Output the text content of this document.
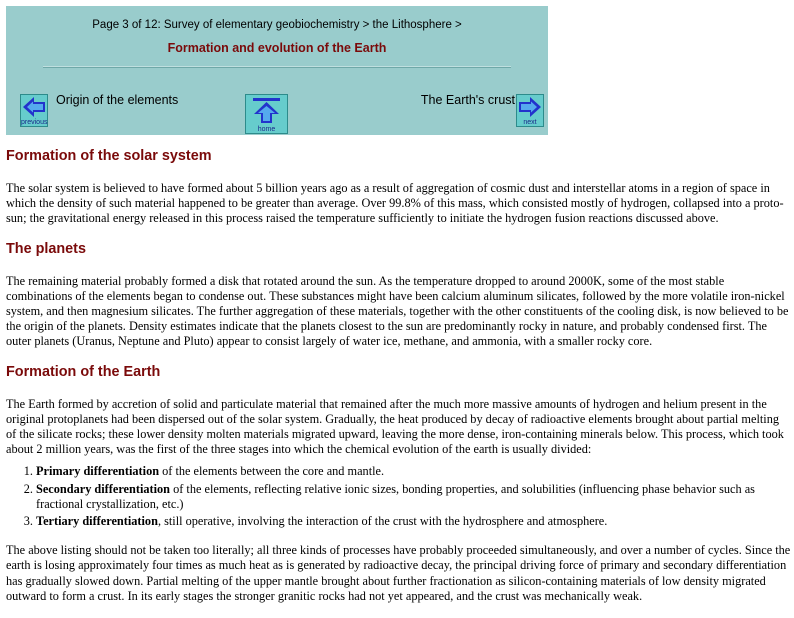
Page 3 of 12: Survey of elementary geobiochemistry > the Lithosphere >
Formation and evolution of the Earth
previous
Origin of the elements
home
The Earth's crust
next
Formation of the solar system

The solar system is believed to have formed about 5 billion years ago as a result of aggregation of cosmic dust and interstellar atoms in a region of space in which the density of such material happened to be greater than average. Over 99.8% of this mass, which consisted mostly of hydrogen, collapsed into a proto-sun; the gravitational energy released in this process raised the temperature sufficiently to initiate the hydrogen fusion reactions discussed above.

The planets

The remaining material probably formed a disk that rotated around the sun. As the temperature dropped to around 2000K, some of the most stable combinations of the elements began to condense out. These substances might have been calcium aluminum silicates, followed by the more volatile iron-nickel system, and then magnesium silicates. The further aggregation of these materials, together with the other constituents of the cooling disk, is now believed to be the origin of the planets. Density estimates indicate that the planets closest to the sun are predominantly rocky in nature, and probably condensed first. The outer planets (Uranus, Neptune and Pluto) appear to consist largely of water ice, methane, and ammonia, with a smaller rocky core.

Formation of the Earth

The Earth formed by accretion of solid and particulate material that remained after the much more massive amounts of hydrogen and helium present in the original protoplanets had been dispersed out of the solar system. Gradually, the heat produced by decay of radioactive elements brought about partial melting of the silicate rocks; these lower density molten materials migrated upward, leaving the more dense, iron-containing minerals below. This process, which took about 2 million years, was the first of the three stages into which the chemical evolution of the earth is usually divided:

1. Primary differentiation of the elements between the core and mantle.
2. Secondary differentiation of the elements, reflecting relative ionic sizes, bonding properties, and solubilities (influencing phase behavior such as fractional crystallization, etc.)
3. Tertiary differentiation, still operative, involving the interaction of the crust with the hydrosphere and atmosphere.

The above listing should not be taken too literally; all three kinds of processes have probably proceeded simultaneously, and over a number of cycles. Since the earth is losing approximately four times as much heat as is generated by radioactive decay, the principal driving force of primary and secondary differentiation has gradually slowed down. Partial melting of the upper mantle brought about further fractionation as silicon-containing materials of low density migrated outward to form a crust. In its early stages the stronger granitic rocks had not yet appeared, and the crust was mechanically weak.
